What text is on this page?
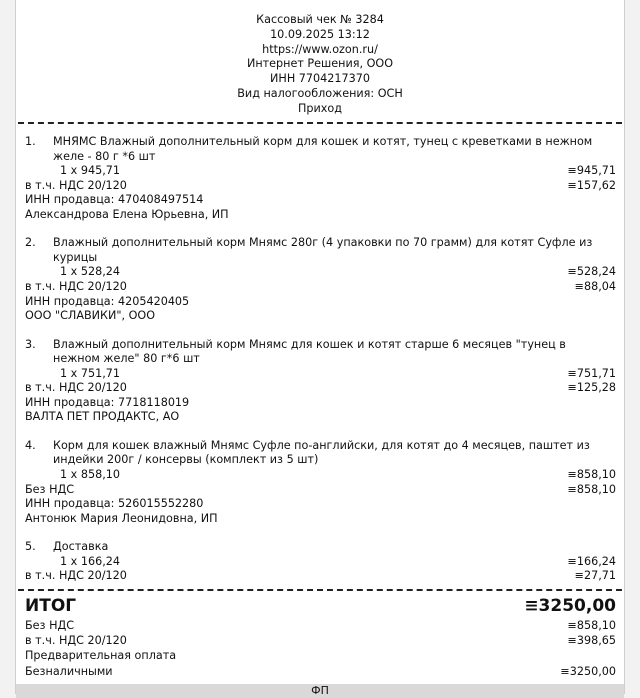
Кассовый чек № 3284
10.09.2025 13:12
https://www.ozon.ru/
Интернет Решения, ООО
ИНН 7704217370
Вид налогообложения: ОСН
Приход
1.	МНЯМС Влажный дополнительный корм для кошек и котят, тунец с креветками в нежном желе - 80 г *6 шт
1 x 945,71	≡945,71
в т.ч. НДС 20/120	≡157,62
ИНН продавца: 470408497514
Александрова Елена Юрьевна, ИП
2.	Влажный дополнительный корм Мнямс 280г (4 упаковки по 70 грамм) для котят Суфле из курицы
1 x 528,24	≡528,24
в т.ч. НДС 20/120	≡88,04
ИНН продавца: 4205420405
ООО "СЛАВИКИ", ООО
3.	Влажный дополнительный корм Мнямс для кошек и котят старше 6 месяцев "тунец в нежном желе" 80 г*6 шт
1 x 751,71	≡751,71
в т.ч. НДС 20/120	≡125,28
ИНН продавца: 7718118019
ВАЛТА ПЕТ ПРОДАКТС, АО
4.	Корм для кошек влажный Мнямс Суфле по-английски, для котят до 4 месяцев, паштет из индейки 200г / консервы (комплект из 5 шт)
1 x 858,10	≡858,10
Без НДС	≡858,10
ИНН продавца: 526015552280
Антонюк Мария Леонидовна, ИП
5.	Доставка
1 x 166,24	≡166,24
в т.ч. НДС 20/120	≡27,71
ИТОГ	≡3250,00
Без НДС	≡858,10
в т.ч. НДС 20/120	≡398,65
Предварительная оплата
Безналичными	≡3250,00
ФП
